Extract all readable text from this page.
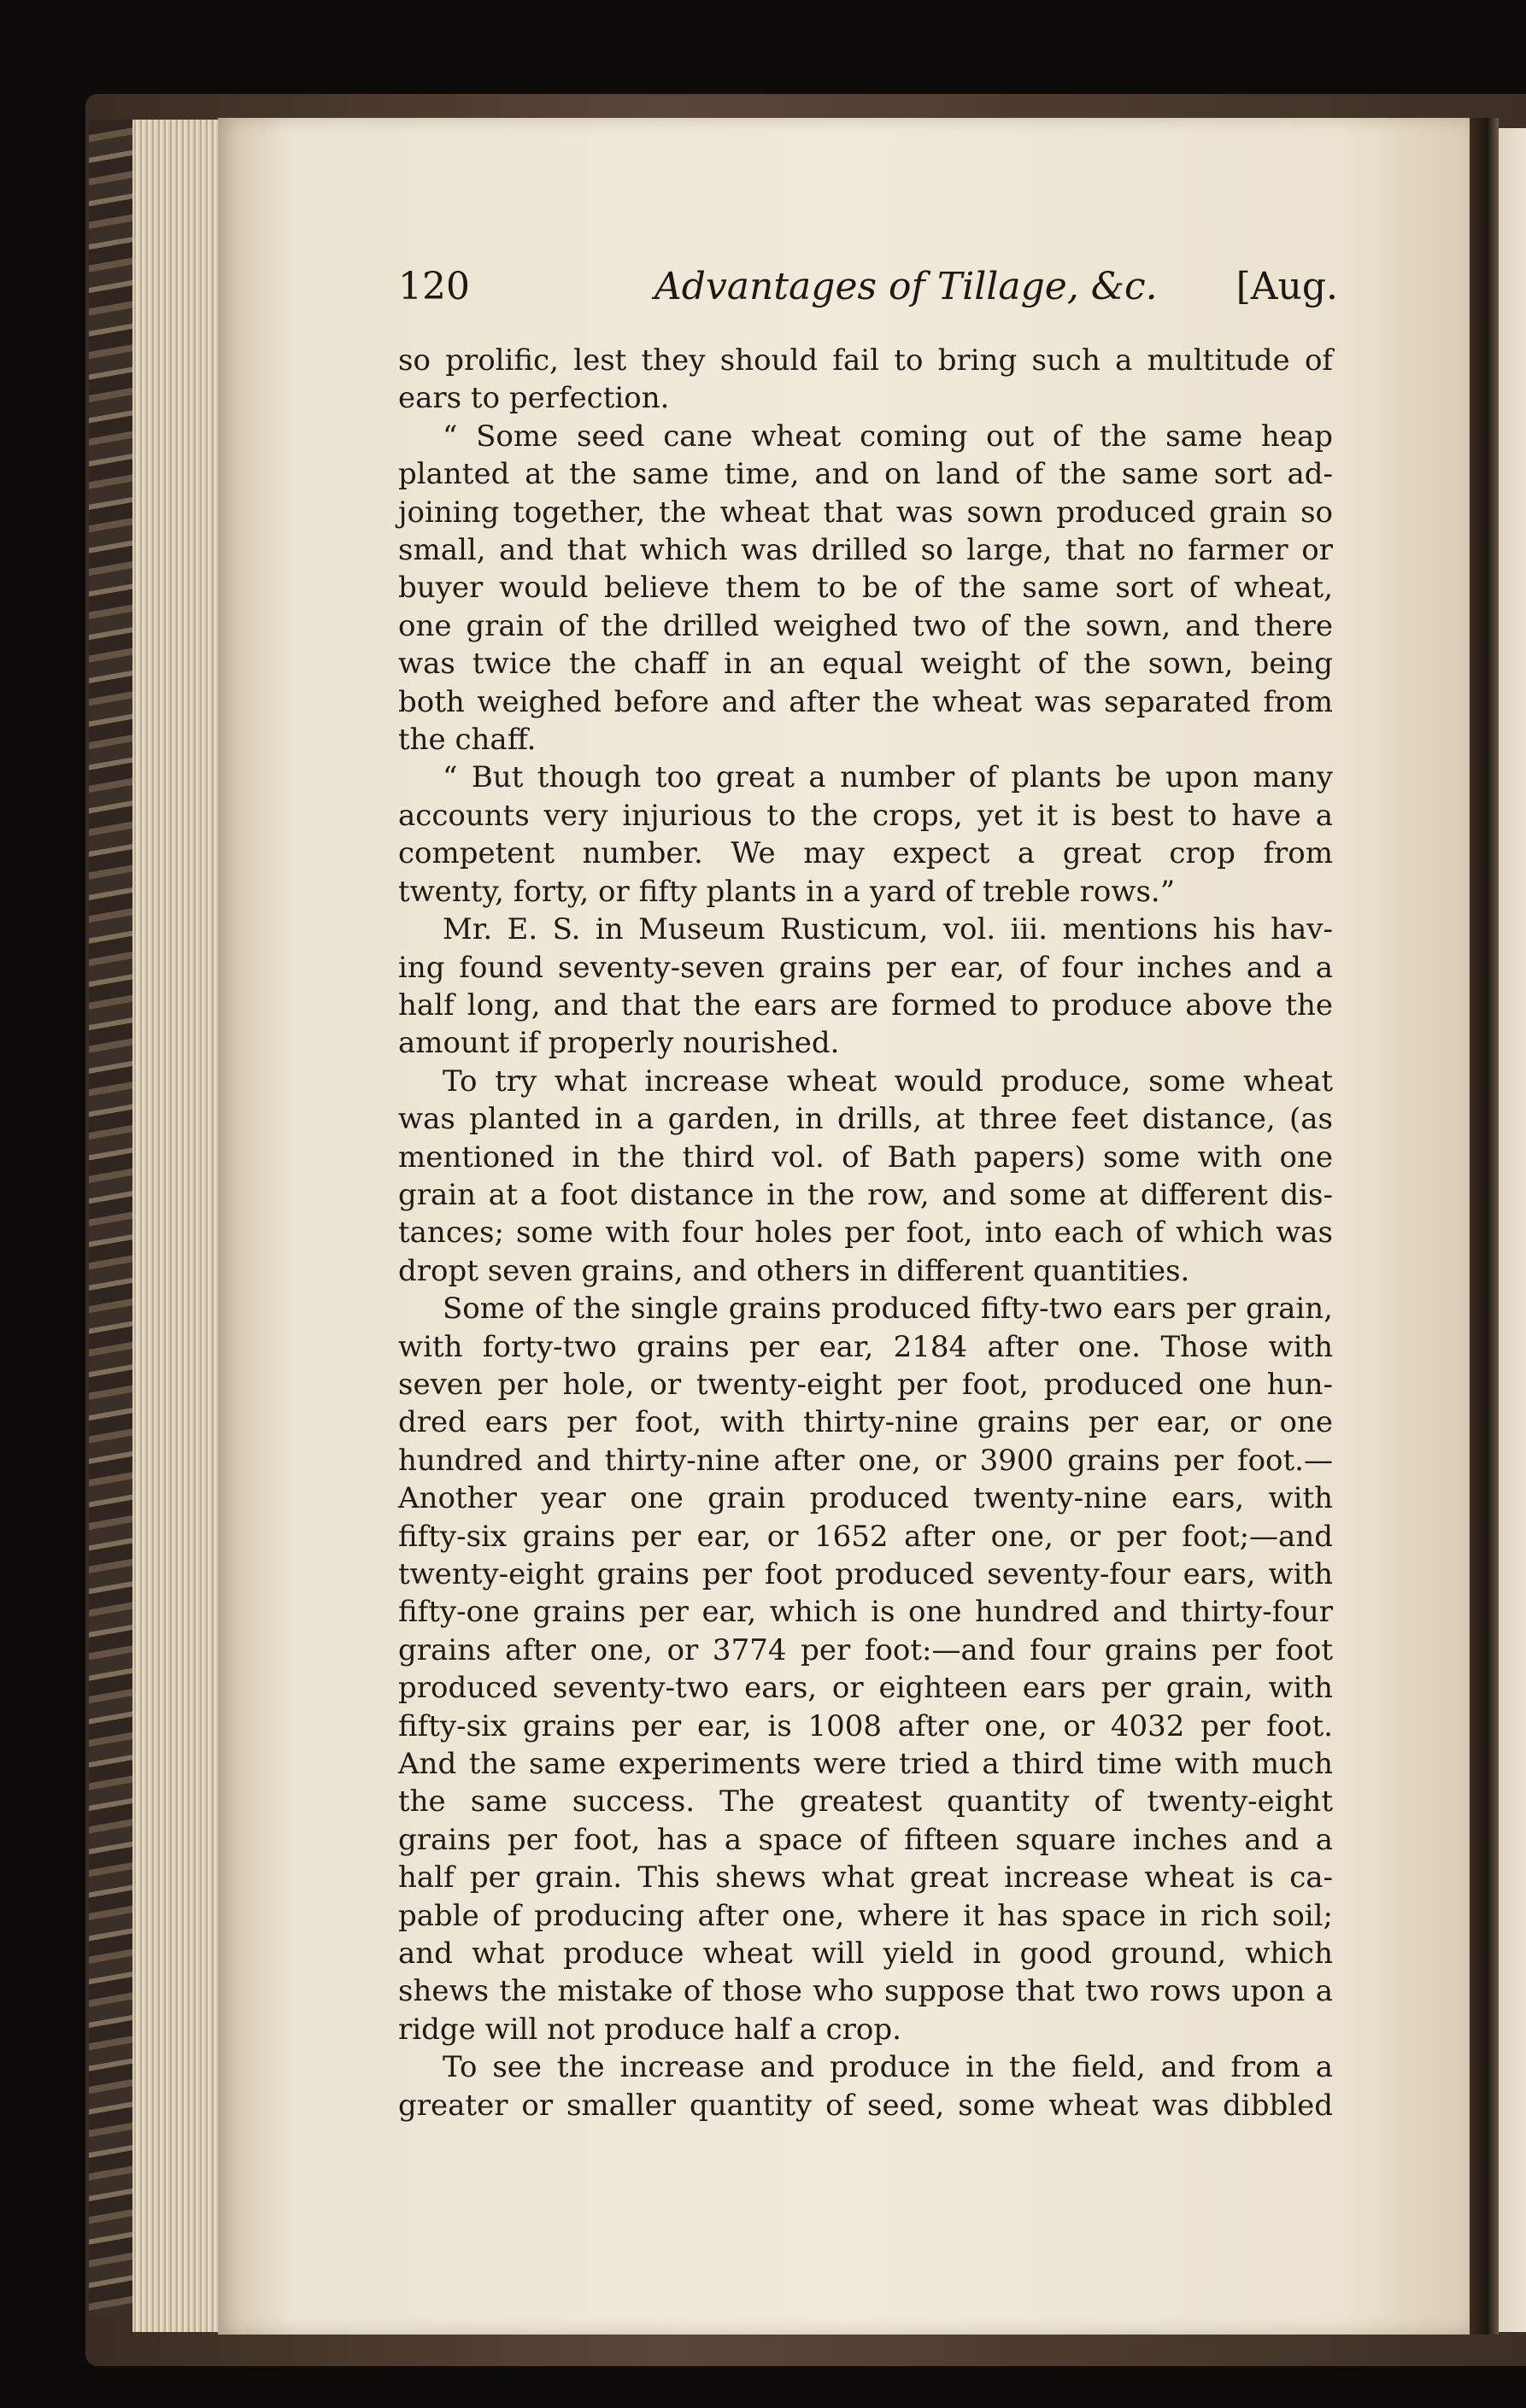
120	Advantages of Tillage, &c. [Aug.
so prolific, lest they should fail to bring such a multitude of
ears to perfection.
“ Some seed cane wheat coming out of the same heap
planted at the same time, and on land of the same sort ad-
joining together, the wheat that was sown produced grain so
small, and that which was drilled so large, that no farmer or
buyer would believe them to be of the same sort of wheat,
one grain of the drilled weighed two of the sown, and there
was twice the chaff in an equal weight of the sown, being
both weighed before and after the wheat was separated from
the chaff.
“ But though too great a number of plants be upon many
accounts very injurious to the crops, yet it is best to have a
competent number. We may expect a great crop from
twenty, forty, or fifty plants in a yard of treble rows.”
Mr. E. S. in Museum Rusticum, vol. iii. mentions his hav-
ing found seventy-seven grains per ear, of four inches and a
half long, and that the ears are formed to produce above the
amount if properly nourished.
To try what increase wheat would produce, some wheat
was planted in a garden, in drills, at three feet distance, (as
mentioned in the third vol. of Bath papers) some with one
grain at a foot distance in the row, and some at different dis-
tances; some with four holes per foot, into each of which was
dropt seven grains, and others in different quantities.
Some of the single grains produced fifty-two ears per grain,
with forty-two grains per ear, 2184 after one. Those with
seven per hole, or twenty-eight per foot, produced one hun-
dred ears per foot, with thirty-nine grains per ear, or one
hundred and thirty-nine after one, or 3900 grains per foot.—
Another year one grain produced twenty-nine ears, with
fifty-six grains per ear, or 1652 after one, or per foot;—and
twenty-eight grains per foot produced seventy-four ears, with
fifty-one grains per ear, which is one hundred and thirty-four
grains after one, or 3774 per foot:—and four grains per foot
produced seventy-two ears, or eighteen ears per grain, with
fifty-six grains per ear, is 1008 after one, or 4032 per foot.
And the same experiments were tried a third time with much
the same success. The greatest quantity of twenty-eight
grains per foot, has a space of fifteen square inches and a
half per grain. This shews what great increase wheat is ca-
pable of producing after one, where it has space in rich soil;
and what produce wheat will yield in good ground, which
shews the mistake of those who suppose that two rows upon a
ridge will not produce half a crop.
To see the increase and produce in the field, and from a
greater or smaller quantity of seed, some wheat was dibbled
